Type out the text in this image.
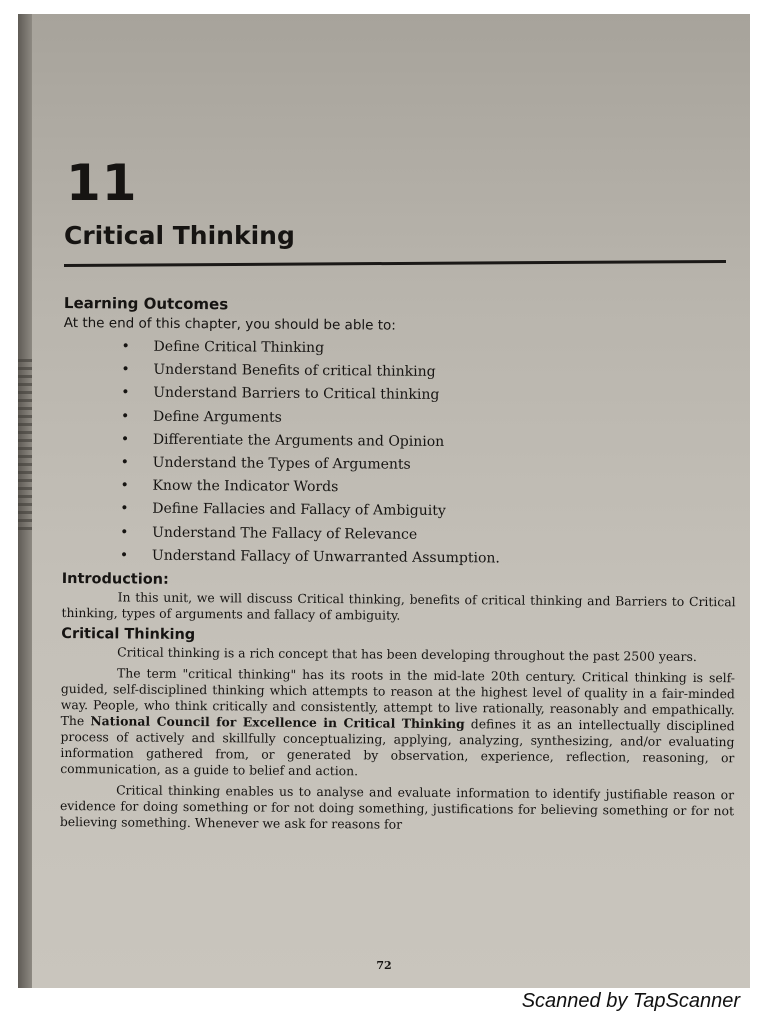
11
Critical Thinking
Learning Outcomes
At the end of this chapter, you should be able to:
• Define Critical Thinking
• Understand Benefits of critical thinking
• Understand Barriers to Critical thinking
• Define Arguments
• Differentiate the Arguments and Opinion
• Understand the Types of Arguments
• Know the Indicator Words
• Define Fallacies and Fallacy of Ambiguity
• Understand The Fallacy of Relevance
• Understand Fallacy of Unwarranted Assumption.
Introduction:

In this unit, we will discuss Critical thinking, benefits of critical thinking and Barriers to Critical thinking, types of arguments and fallacy of ambiguity.

Critical Thinking

Critical thinking is a rich concept that has been developing throughout the past 2500 years.

The term "critical thinking" has its roots in the mid-late 20th century. Critical thinking is self-guided, self-disciplined thinking which attempts to reason at the highest level of quality in a fair-minded way. People, who think critically and consistently, attempt to live rationally, reasonably and empathically. The National Council for Excellence in Critical Thinking defines it as an intellectually disciplined process of actively and skillfully conceptualizing, applying, analyzing, synthesizing, and/or evaluating information gathered from, or generated by observation, experience, reflection, reasoning, or communication, as a guide to belief and action.

Critical thinking enables us to analyse and evaluate information to identify justifiable reason or evidence for doing something or for not doing something, justifications for believing something or for not believing something. Whenever we ask for reasons for

72
Scanned by TapScanner
